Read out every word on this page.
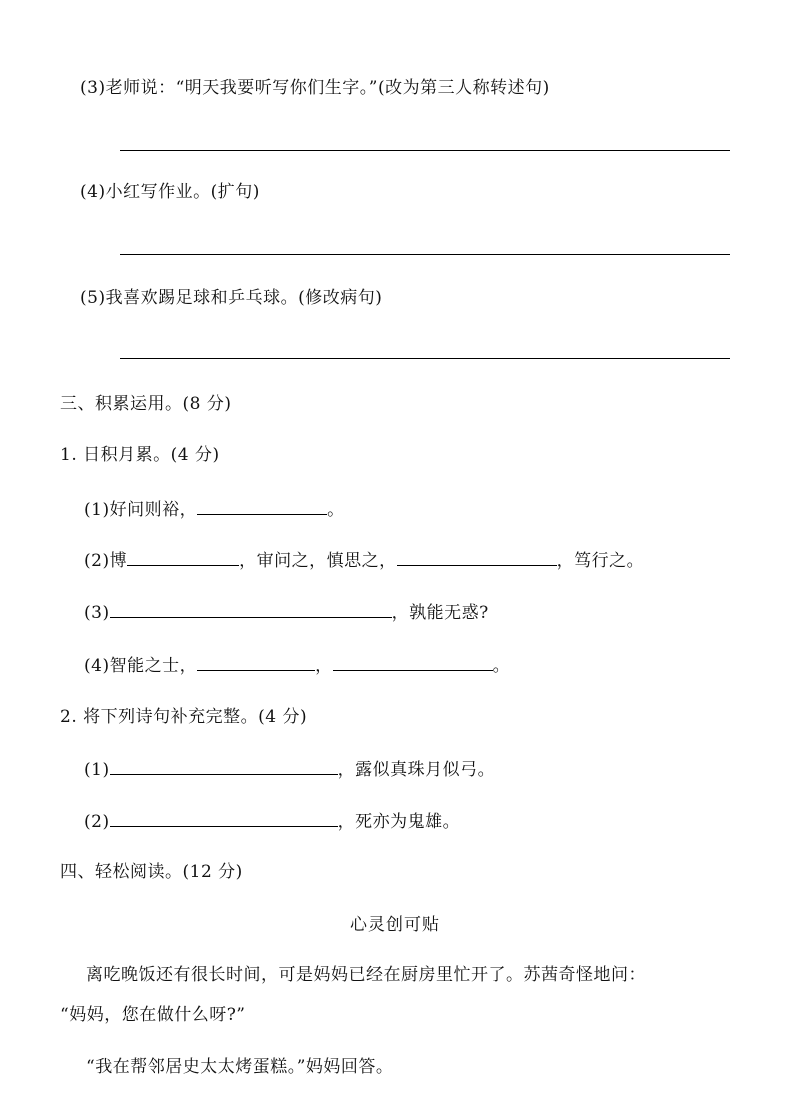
(3)老师说：“明天我要听写你们生字。”(改为第三人称转述句)
(4)小红写作业。(扩句)
(5)我喜欢踢足球和乒乓球。(修改病句)
三、积累运用。(8 分)
1. 日积月累。(4 分)
(1)好问则裕，	。
(2)博	，审问之，慎思之，	，笃行之。
(3)	，孰能无惑?
(4)智能之士，	，	。
2. 将下列诗句补充完整。(4 分)
(1)	，露似真珠月似弓。
(2)	，死亦为鬼雄。
四、轻松阅读。(12 分)
心灵创可贴
离吃晚饭还有很长时间，可是妈妈已经在厨房里忙开了。苏茜奇怪地问：
“妈妈，您在做什么呀?”
“我在帮邻居史太太烤蛋糕。”妈妈回答。
